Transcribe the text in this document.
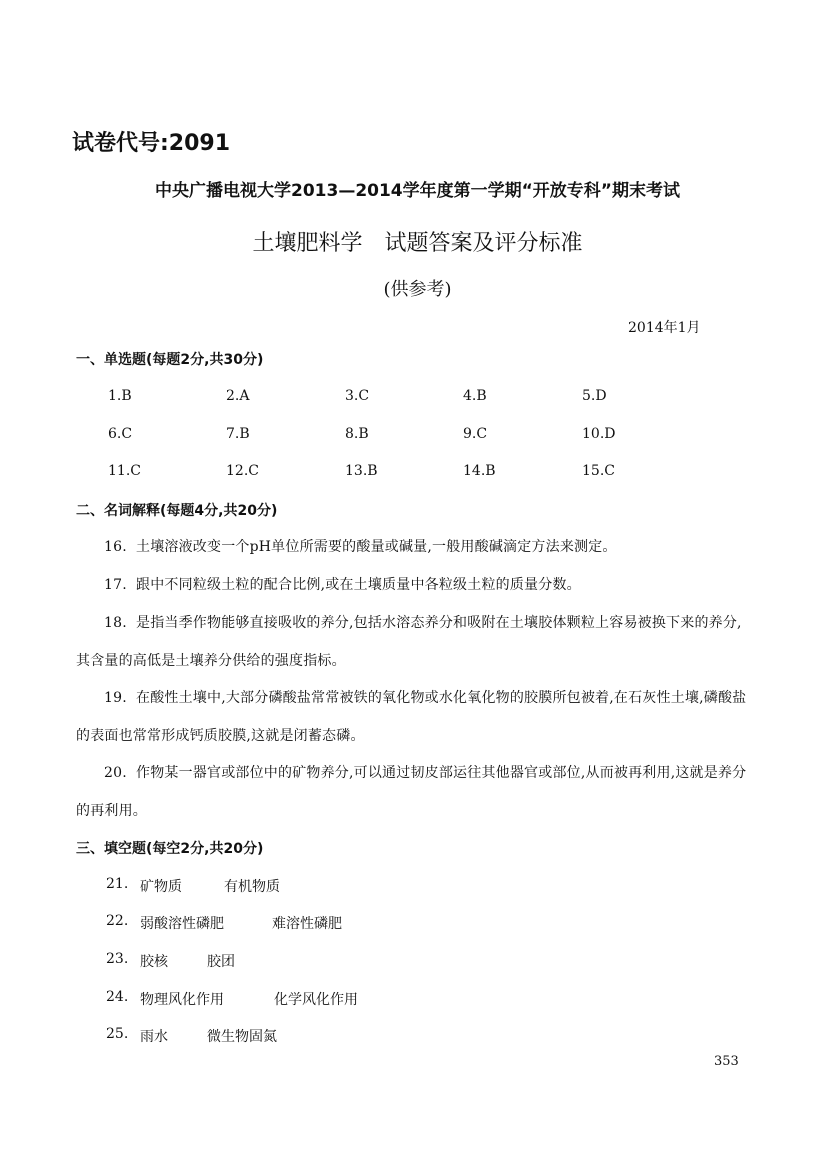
试卷代号:2091
中央广播电视大学2013—2014学年度第一学期“开放专科”期末考试
土壤肥料学　试题答案及评分标准
(供参考)
2014年1月
一、单选题(每题2分,共30分)
1.B	2.A	3.C	4.B	5.D
6.C	7.B	8.B	9.C	10.D
11.C	12.C	13.B	14.B	15.C
二、名词解释(每题4分,共20分)
16. 土壤溶液改变一个pH单位所需要的酸量或碱量,一般用酸碱滴定方法来测定。
17. 跟中不同粒级土粒的配合比例,或在土壤质量中各粒级土粒的质量分数。
18. 是指当季作物能够直接吸收的养分,包括水溶态养分和吸附在土壤胶体颗粒上容易被换下来的养分,其含量的高低是土壤养分供给的强度指标。
19. 在酸性土壤中,大部分磷酸盐常常被铁的氧化物或水化氧化物的胶膜所包被着,在石灰性土壤,磷酸盐的表面也常常形成钙质胶膜,这就是闭蓄态磷。
20. 作物某一器官或部位中的矿物养分,可以通过韧皮部运往其他器官或部位,从而被再利用,这就是养分的再利用。
三、填空题(每空2分,共20分)
21. 矿物质	有机物质
22. 弱酸溶性磷肥	难溶性磷肥
23. 胶核	胶团
24. 物理风化作用	化学风化作用
25. 雨水	微生物固氮
353
